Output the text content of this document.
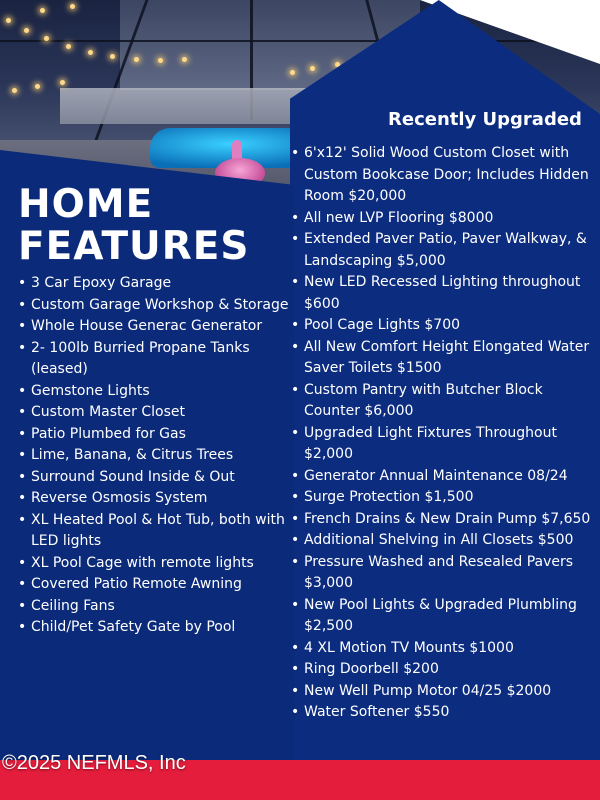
Recently Upgraded
HOME
FEATURES
• 3 Car Epoxy Garage
• Custom Garage Workshop & Storage
• Whole House Generac Generator
• 2- 100lb Burried Propane Tanks (leased)
• Gemstone Lights
• Custom Master Closet
• Patio Plumbed for Gas
• Lime, Banana, & Citrus Trees
• Surround Sound Inside & Out
• Reverse Osmosis System
• XL Heated Pool & Hot Tub, both with LED lights
• XL Pool Cage with remote lights
• Covered Patio Remote Awning
• Ceiling Fans
• Child/Pet Safety Gate by Pool
• 6'x12' Solid Wood Custom Closet with Custom Bookcase Door; Includes Hidden Room $20,000
• All new LVP Flooring $8000
• Extended Paver Patio, Paver Walkway, & Landscaping $5,000
• New LED Recessed Lighting throughout $600
• Pool Cage Lights $700
• All New Comfort Height Elongated Water Saver Toilets $1500
• Custom Pantry with Butcher Block Counter $6,000
• Upgraded Light Fixtures Throughout $2,000
• Generator Annual Maintenance 08/24
• Surge Protection $1,500
• French Drains & New Drain Pump $7,650
• Additional Shelving in All Closets $500
• Pressure Washed and Resealed Pavers $3,000
• New Pool Lights & Upgraded Plumbling $2,500
• 4 XL Motion TV Mounts $1000
• Ring Doorbell $200
• New Well Pump Motor 04/25 $2000
• Water Softener $550
©2025 NEFMLS, Inc
